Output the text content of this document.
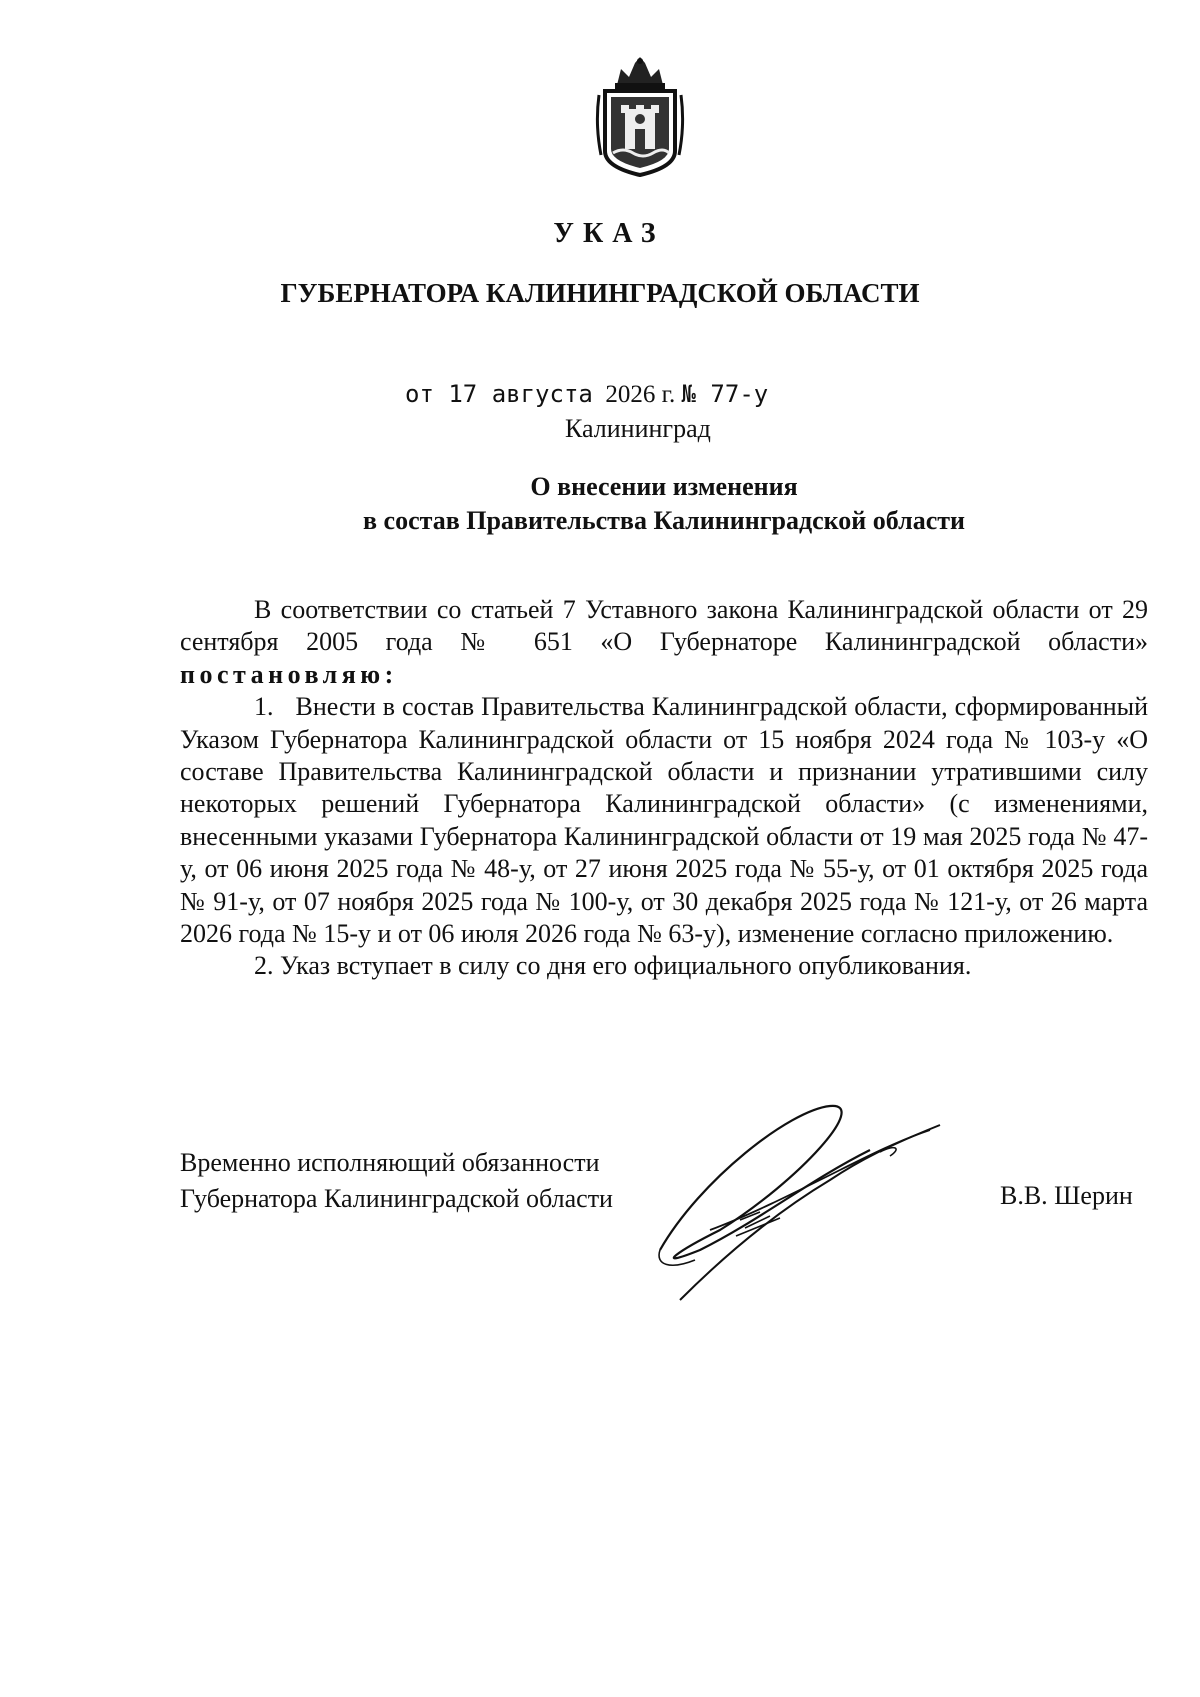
УКАЗ
ГУБЕРНАТОРА КАЛИНИНГРАДСКОЙ ОБЛАСТИ
от 17 августа 2026 г. № 77-у
Калининград
О внесении изменения
в состав Правительства Калининградской области

В соответствии со статьей 7 Уставного закона Калининградской области от 29 сентября 2005 года № 651 «О Губернаторе Калининградской области» постановляю:

1. Внести в состав Правительства Калининградской области, сформированный Указом Губернатора Калининградской области от 15 ноября 2024 года № 103-у «О составе Правительства Калининградской области и признании утратившими силу некоторых решений Губернатора Калининградской области» (с изменениями, внесенными указами Губернатора Калининградской области от 19 мая 2025 года № 47-у, от 06 июня 2025 года № 48-у, от 27 июня 2025 года № 55-у, от 01 октября 2025 года № 91-у, от 07 ноября 2025 года № 100-у, от 30 декабря 2025 года № 121-у, от 26 марта 2026 года № 15-у и от 06 июля 2026 года № 63-у), изменение согласно приложению.

2. Указ вступает в силу со дня его официального опубликования.

Временно исполняющий обязанности
Губернатора Калининградской области	В.В. Шерин
